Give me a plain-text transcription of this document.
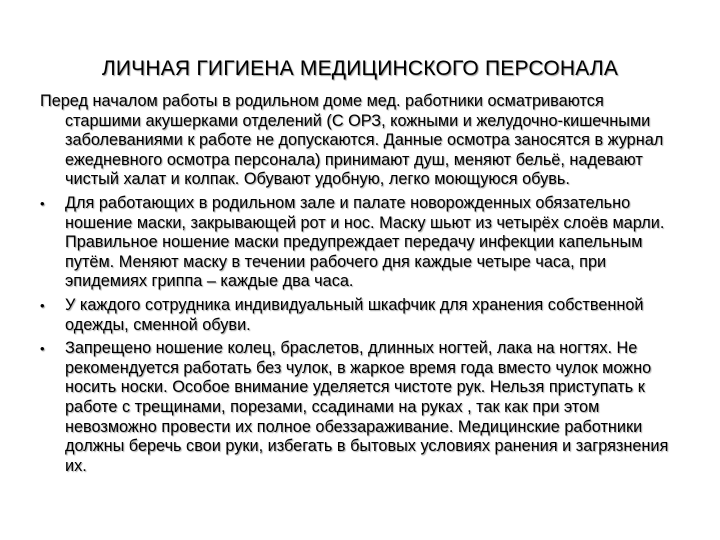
ЛИЧНАЯ ГИГИЕНА МЕДИЦИНСКОГО ПЕРСОНАЛА

Перед началом работы в родильном доме мед. работники осматриваются старшими акушерками отделений (С ОРЗ, кожными и желудочно-кишечными заболеваниями к работе не допускаются. Данные осмотра заносятся в журнал ежедневного осмотра персонала) принимают душ, меняют бельё, надевают чистый халат и колпак. Обувают удобную, легко моющуюся обувь.

•	Для работающих в родильном зале и палате новорожденных обязательно ношение маски, закрывающей рот и нос. Маску шьют из четырёх слоёв марли. Правильное ношение маски предупреждает передачу инфекции капельным путём. Меняют маску в течении рабочего дня каждые четыре часа, при эпидемиях гриппа – каждые два часа.
•	У каждого сотрудника индивидуальный шкафчик для хранения собственной одежды, сменной обуви.
•	Запрещено ношение колец, браслетов, длинных ногтей, лака на ногтях. Не рекомендуется работать без чулок, в жаркое время года вместо чулок можно носить носки. Особое внимание уделяется чистоте рук. Нельзя приступать к работе с трещинами, порезами, ссадинами на руках , так как при этом невозможно провести их полное обеззараживание. Медицинские работники должны беречь свои руки, избегать в бытовых условиях ранения и загрязнения их.
